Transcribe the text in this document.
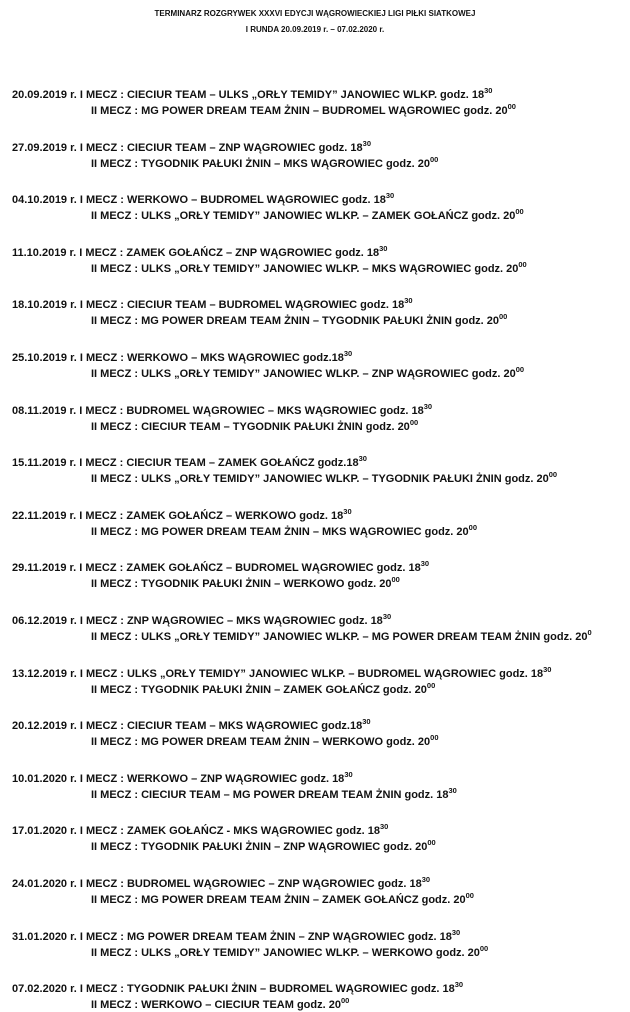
TERMINARZ ROZGRYWEK XXXVI EDYCJI WĄGROWIECKIEJ LIGI PIŁKI SIATKOWEJ
I RUNDA 20.09.2019 r. – 07.02.2020 r.
20.09.2019 r. I MECZ : CIECIUR TEAM – ULKS „ORŁY TEMIDY” JANOWIEC WLKP. godz. $18^{30}$
II MECZ : MG POWER DREAM TEAM ŻNIN – BUDROMEL WĄGROWIEC godz. $20^{00}$
27.09.2019 r. I MECZ : CIECIUR TEAM – ZNP WĄGROWIEC godz. $18^{30}$
II MECZ : TYGODNIK PAŁUKI ŻNIN – MKS WĄGROWIEC godz. $20^{00}$
04.10.2019 r. I MECZ : WERKOWO – BUDROMEL WĄGROWIEC godz. $18^{30}$
II MECZ : ULKS „ORŁY TEMIDY” JANOWIEC WLKP. – ZAMEK GOŁAŃCZ godz. $20^{00}$
11.10.2019 r. I MECZ : ZAMEK GOŁAŃCZ – ZNP WĄGROWIEC godz. $18^{30}$
II MECZ : ULKS „ORŁY TEMIDY” JANOWIEC WLKP. – MKS WĄGROWIEC godz. $20^{00}$
18.10.2019 r. I MECZ : CIECIUR TEAM – BUDROMEL WĄGROWIEC godz. $18^{30}$
II MECZ : MG POWER DREAM TEAM ŻNIN – TYGODNIK PAŁUKI ŻNIN godz. $20^{00}$
25.10.2019 r. I MECZ : WERKOWO – MKS WĄGROWIEC $godz.18^{30}$
II MECZ : ULKS „ORŁY TEMIDY” JANOWIEC WLKP. – ZNP WĄGROWIEC godz. $20^{00}$
08.11.2019 r. I MECZ : BUDROMEL WĄGROWIEC – MKS WĄGROWIEC godz. $18^{30}$
II MECZ : CIECIUR TEAM – TYGODNIK PAŁUKI ŻNIN godz. $20^{00}$
15.11.2019 r. I MECZ : CIECIUR TEAM – ZAMEK GOŁAŃCZ $godz.18^{30}$
II MECZ : ULKS „ORŁY TEMIDY” JANOWIEC WLKP. – TYGODNIK PAŁUKI ŻNIN godz. $20^{00}$
22.11.2019 r. I MECZ : ZAMEK GOŁAŃCZ – WERKOWO godz. $18^{30}$
II MECZ : MG POWER DREAM TEAM ŻNIN – MKS WĄGROWIEC godz. $20^{00}$
29.11.2019 r. I MECZ : ZAMEK GOŁAŃCZ – BUDROMEL WĄGROWIEC godz. $18^{30}$
II MECZ : TYGODNIK PAŁUKI ŻNIN – WERKOWO godz. $20^{00}$
06.12.2019 r. I MECZ : ZNP WĄGROWIEC – MKS WĄGROWIEC godz. $18^{30}$
II MECZ : ULKS „ORŁY TEMIDY” JANOWIEC WLKP. – MG POWER DREAM TEAM ŻNIN godz. $20^0$
13.12.2019 r. I MECZ : ULKS „ORŁY TEMIDY” JANOWIEC WLKP. – BUDROMEL WĄGROWIEC godz. $18^{30}$
II MECZ : TYGODNIK PAŁUKI ŻNIN – ZAMEK GOŁAŃCZ godz. $20^{00}$
20.12.2019 r. I MECZ : CIECIUR TEAM – MKS WĄGROWIEC $godz.18^{30}$
II MECZ : MG POWER DREAM TEAM ŻNIN – WERKOWO godz. $20^{00}$
10.01.2020 r. I MECZ : WERKOWO – ZNP WĄGROWIEC godz. $18^{30}$
II MECZ : CIECIUR TEAM – MG POWER DREAM TEAM ŻNIN godz. $18^{30}$
17.01.2020 r. I MECZ : ZAMEK GOŁAŃCZ - MKS WĄGROWIEC godz. $18^{30}$
II MECZ : TYGODNIK PAŁUKI ŻNIN – ZNP WĄGROWIEC godz. $20^{00}$
24.01.2020 r. I MECZ : BUDROMEL WĄGROWIEC – ZNP WĄGROWIEC godz. $18^{30}$
II MECZ : MG POWER DREAM TEAM ŻNIN – ZAMEK GOŁAŃCZ godz. $20^{00}$
31.01.2020 r. I MECZ : MG POWER DREAM TEAM ŻNIN – ZNP WĄGROWIEC godz. $18^{30}$
II MECZ : ULKS „ORŁY TEMIDY” JANOWIEC WLKP. – WERKOWO godz. $20^{00}$
07.02.2020 r. I MECZ : TYGODNIK PAŁUKI ŻNIN – BUDROMEL WĄGROWIEC godz. $18^{30}$
II MECZ : WERKOWO – CIECIUR TEAM godz. $20^{00}$
